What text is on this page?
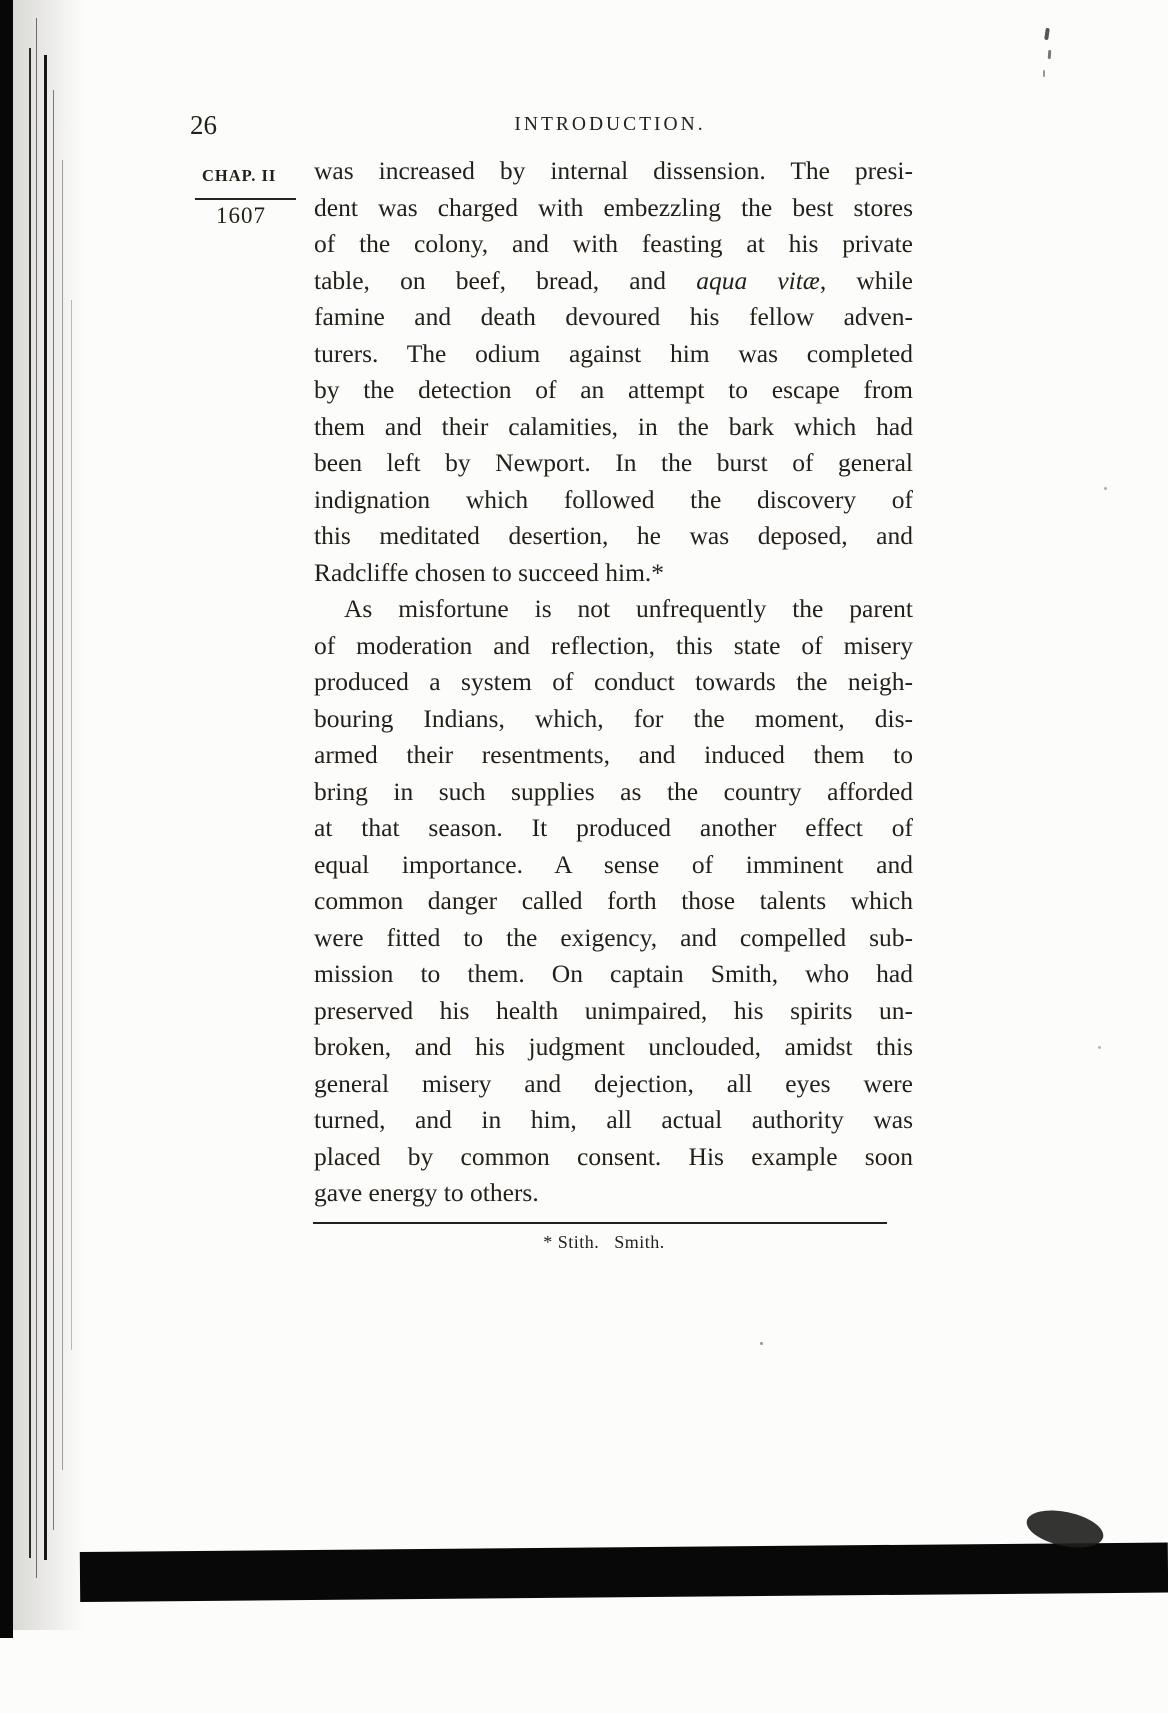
26	INTRODUCTION.
CHAP. II
1607
was increased by internal dissension. The presi-
dent was charged with embezzling the best stores
of the colony, and with feasting at his private
table, on beef, bread, and aqua vitæ, while
famine and death devoured his fellow adven-
turers. The odium against him was completed
by the detection of an attempt to escape from
them and their calamities, in the bark which had
been left by Newport. In the burst of general
indignation which followed the discovery of
this meditated desertion, he was deposed, and
Radcliffe chosen to succeed him.*
As misfortune is not unfrequently the parent
of moderation and reflection, this state of misery
produced a system of conduct towards the neigh-
bouring Indians, which, for the moment, dis-
armed their resentments, and induced them to
bring in such supplies as the country afforded
at that season. It produced another effect of
equal importance. A sense of imminent and
common danger called forth those talents which
were fitted to the exigency, and compelled sub-
mission to them. On captain Smith, who had
preserved his health unimpaired, his spirits un-
broken, and his judgment unclouded, amidst this
general misery and dejection, all eyes were
turned, and in him, all actual authority was
placed by common consent. His example soon
gave energy to others.
* Stith.   Smith.
